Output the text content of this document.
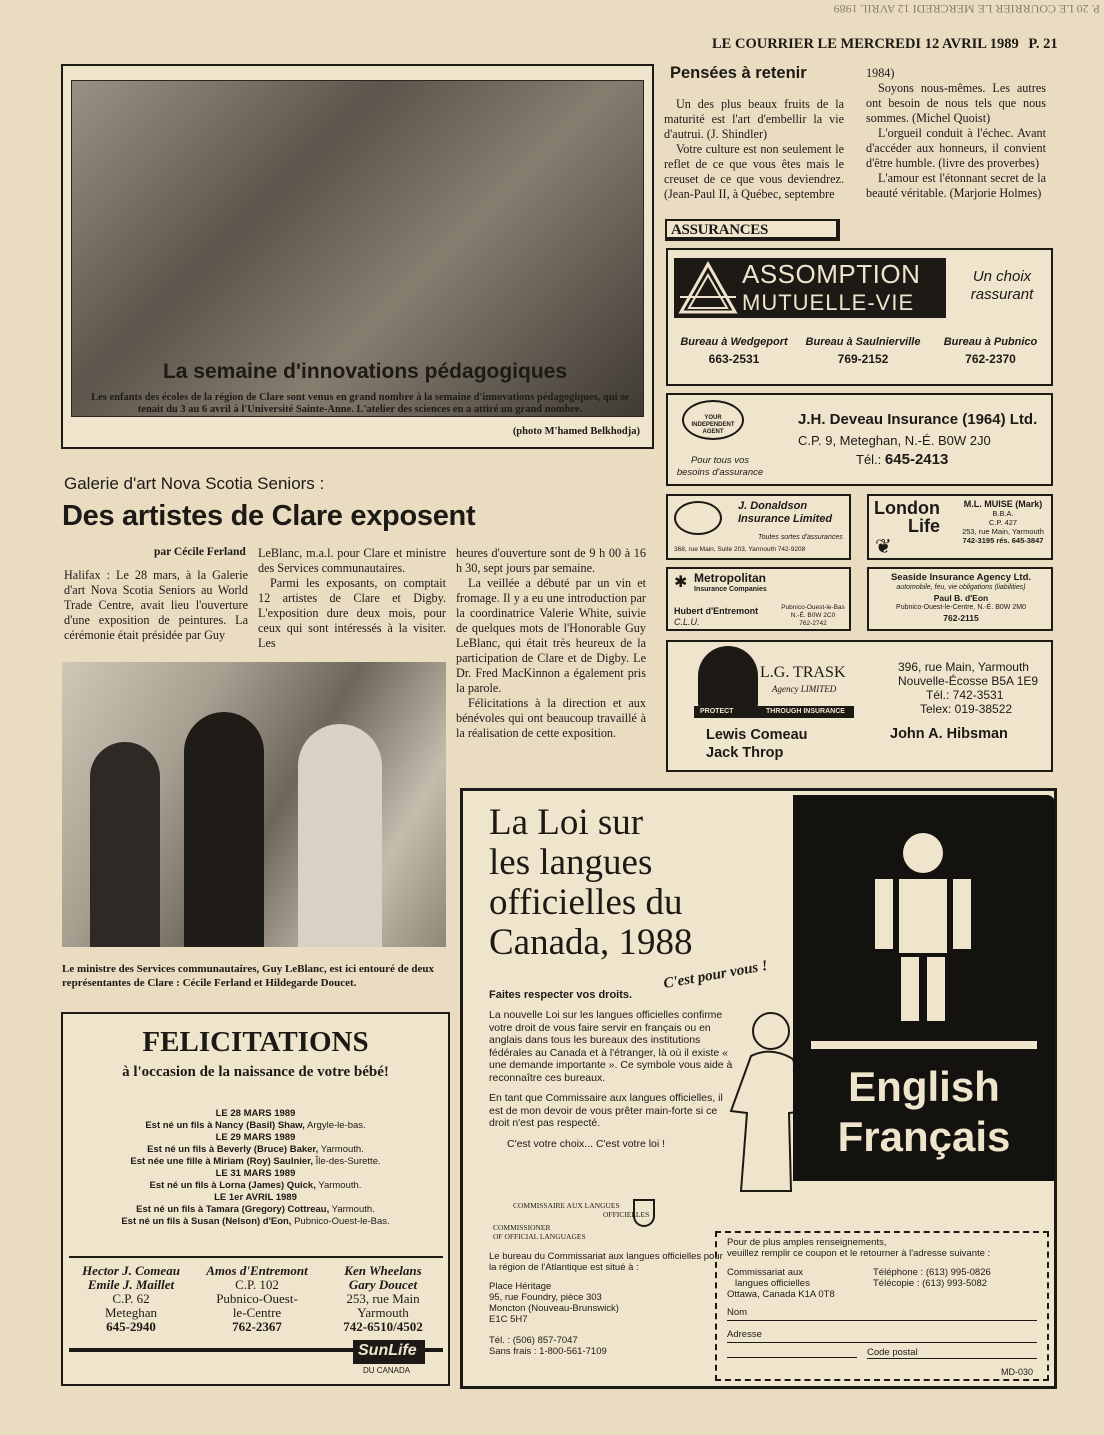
P. 20 LE COURRIER LE MERCREDI 12 AVRIL 1989
LE COURRIER LE MERCREDI 12 AVRIL 1989 P. 21
La semaine d'innovations pédagogiques
Les enfants des écoles de la région de Clare sont venus en grand nombre à la semaine d'innovations pédagogiques, qui se tenait du 3 au 6 avril à l'Université Sainte-Anne. L'atelier des sciences en a attiré un grand nombre.
(photo M'hamed Belkhodja)
Pensées à retenir

Un des plus beaux fruits de la maturité est l'art d'embellir la vie d'autrui. (J. Shindler)

Votre culture est non seulement le reflet de ce que vous êtes mais le creuset de ce que vous deviendrez. (Jean-Paul II, à Québec, septembre

1984)

Soyons nous-mêmes. Les autres ont besoin de nous tels que nous sommes. (Michel Quoist)

L'orgueil conduit à l'échec. Avant d'accéder aux honneurs, il convient d'être humble. (livre des proverbes)

L'amour est l'étonnant secret de la beauté véritable. (Marjorie Holmes)

ASSURANCES
ASSOMPTION
MUTUELLE-VIE
Un choix
rassurant
Bureau à Wedgeport
663-2531
Bureau à Saulnierville
769-2152
Bureau à Pubnico
762-2370
YOUR INDEPENDENT AGENT
Pour tous vos
besoins d'assurance
J.H. Deveau Insurance (1964) Ltd.
C.P. 9, Meteghan, N.-É. B0W 2J0
Tél.: 645-2413
J. Donaldson
Insurance Limited
Toutes sortes d'assurances
368, rue Main, Suite 203, Yarmouth 742-9208
London
Life
❦
M.L. MUISE (Mark)
B.B.A.
C.P. 427
253, rue Main, Yarmouth
742-3195 rés. 645-3847
✱ Metropolitan
Insurance Companies
Hubert d'Entremont
C.L.U.
Pubnico-Ouest-le-Bas
N.-É. B0W 2C0
762-2742
Seaside Insurance Agency Ltd.
automobile, feu, vie obligations (liabilities)
Paul B. d'Eon
Pubnico-Ouest-le-Centre, N.-É. B0W 2M0
762-2115
L.G. TRASK
Agency LIMITED
PROTECT	THROUGH INSURANCE
396, rue Main, Yarmouth
Nouvelle-Écosse B5A 1E9
Tél.: 742-3531
Telex: 019-38522
Lewis Comeau
Jack Throp
John A. Hibsman
Galerie d'art Nova Scotia Seniors :
Des artistes de Clare exposent
par Cécile Ferland

Halifax : Le 28 mars, à la Galerie d'art Nova Scotia Seniors au World Trade Centre, avait lieu l'ouverture d'une exposition de peintures. La cérémonie était présidée par Guy

LeBlanc, m.a.l. pour Clare et ministre des Services communautaires.

Parmi les exposants, on comptait 12 artistes de Clare et Digby. L'exposition dure deux mois, pour ceux qui sont intéressés à la visiter. Les

heures d'ouverture sont de 9 h 00 à 16 h 30, sept jours par semaine.

La veillée a débuté par un vin et fromage. Il y a eu une introduction par la coordinatrice Valerie White, suivie de quelques mots de l'Honorable Guy LeBlanc, qui était très heureux de la participation de Clare et de Digby. Le Dr. Fred MacKinnon a également pris la parole.

Félicitations à la direction et aux bénévoles qui ont beaucoup travaillé à la réalisation de cette exposition.

Le ministre des Services communautaires, Guy LeBlanc, est ici entouré de deux représentantes de Clare : Cécile Ferland et Hildegarde Doucet.
FELICITATIONS
à l'occasion de la naissance de votre bébé!
LE 28 MARS 1989
Est né un fils à Nancy (Basil) Shaw, Argyle-le-bas.
LE 29 MARS 1989
Est né un fils à Beverly (Bruce) Baker, Yarmouth.
Est née une fille à Miriam (Roy) Saulnier, Île-des-Surette.
LE 31 MARS 1989
Est né un fils à Lorna (James) Quick, Yarmouth.
LE 1er AVRIL 1989
Est né un fils à Tamara (Gregory) Cottreau, Yarmouth.
Est né un fils à Susan (Nelson) d'Eon, Pubnico-Ouest-le-Bas.
Hector J. Comeau
Emile J. Maillet
C.P. 62
Meteghan
645-2940
Amos d'Entremont
C.P. 102
Pubnico-Ouest-
le-Centre
762-2367
Ken Wheelans
Gary Doucet
253, rue Main
Yarmouth
742-6510/4502
SunLife
DU CANADA
La Loi sur
les langues
officielles du
Canada, 1988
C'est pour vous !
Faites respecter vos droits.

La nouvelle Loi sur les langues officielles confirme votre droit de vous faire servir en français ou en anglais dans tous les bureaux des institutions fédérales au Canada et à l'étranger, là où il existe « une demande importante ». Ce symbole vous aide à reconnaître ces bureaux.

En tant que Commissaire aux langues officielles, il est de mon devoir de vous prêter main-forte si ce droit n'est pas respecté.

C'est votre choix... C'est votre loi !

COMMISSAIRE AUX LANGUES
OFFICIELLES
COMMISSIONER
OF OFFICIAL LANGUAGES
Le bureau du Commissariat aux langues officielles pour la région de l'Atlantique est situé à :
Place Héritage
95, rue Foundry, pièce 303
Moncton (Nouveau-Brunswick)
E1C 5H7
Tél. : (506) 857-7047
Sans frais : 1-800-561-7109
English
Français
Pour de plus amples renseignements,
veuillez remplir ce coupon et le retourner à l'adresse suivante :
Commissariat aux
langues officielles
Ottawa, Canada K1A 0T8
Téléphone : (613) 995-0826
Télécopie : (613) 993-5082
Nom
Adresse
Code postal
MD-030
